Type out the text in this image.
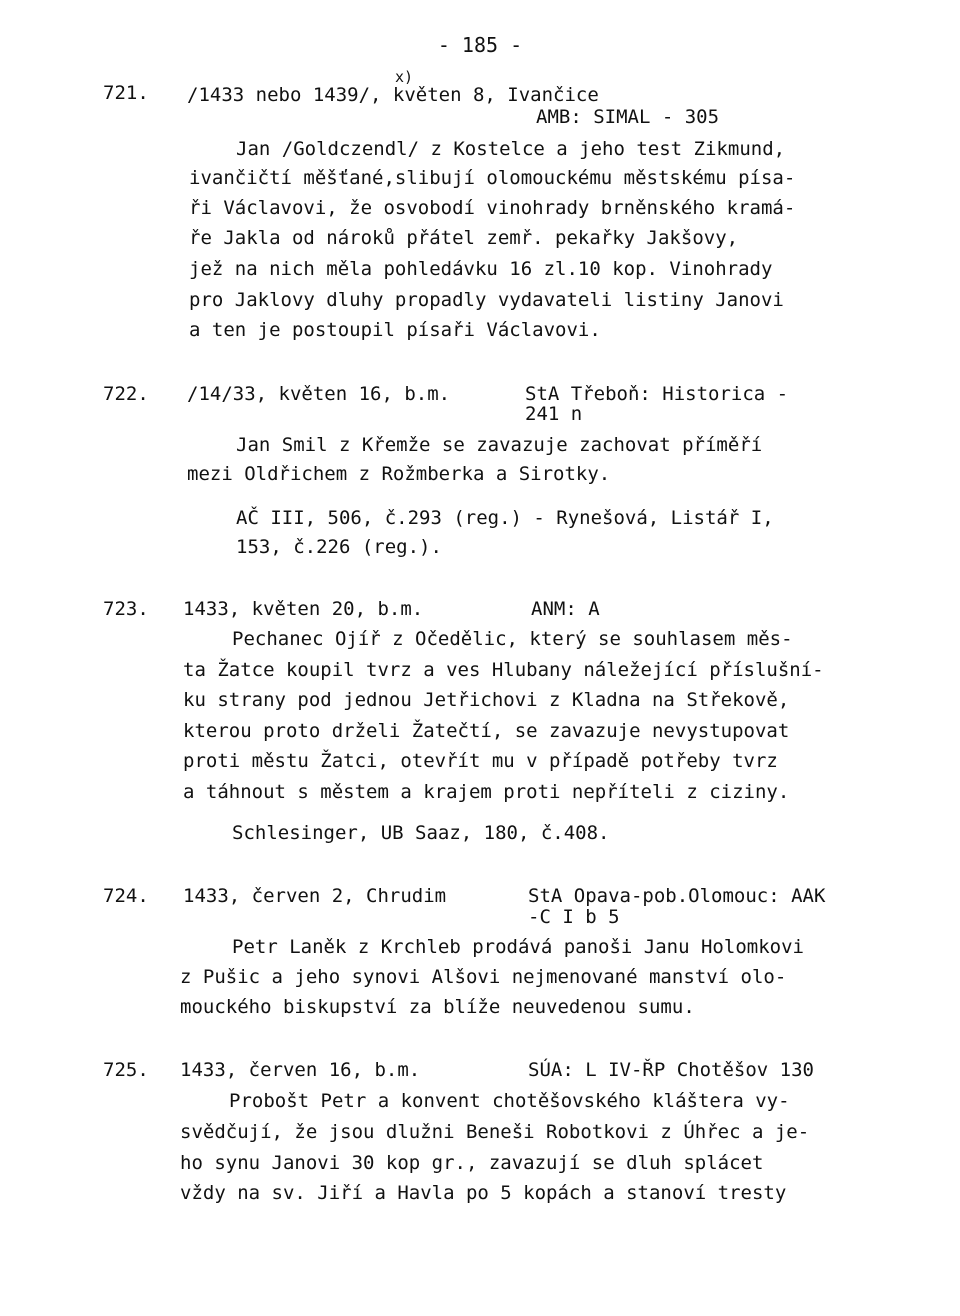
- 185 -
721.
x)
/1433 nebo 1439/, květen 8, Ivančice
AMB: SIMAL - 305
Jan /Goldczendl/ z Kostelce a jeho test Zikmund,
ivančičtí měšťané,slibují olomouckému městskému písa-
ři Václavovi, že osvobodí vinohrady brněnského kramá-
ře Jakla od nároků přátel zemř. pekařky Jakšovy,
jež na nich měla pohledávku 16 zl.10 kop. Vinohrady
pro Jaklovy dluhy propadly vydavateli listiny Janovi
a ten je postoupil písaři Václavovi.
722. /14/33, květen 16, b.m.	StA Třeboň: Historica -
241 n
Jan Smil z Křemže se zavazuje zachovat příměří
mezi Oldřichem z Rožmberka a Sirotky.
AČ III, 506, č.293 (reg.) - Rynešová, Listář I,
153, č.226 (reg.).
723. 1433, květen 20, b.m.	ANM: A
Pechanec Ojíř z Očedělic, který se souhlasem měs-
ta Žatce koupil tvrz a ves Hlubany náležející příslušní-
ku strany pod jednou Jetřichovi z Kladna na Střekově,
kterou proto drželi Žatečtí, se zavazuje nevystupovat
proti městu Žatci, otevřít mu v případě potřeby tvrz
a táhnout s městem a krajem proti nepříteli z ciziny.
Schlesinger, UB Saaz, 180, č.408.
724. 1433, červen 2, Chrudim	StA Opava-pob.Olomouc: AAK
-C I b 5
Petr Laněk z Krchleb prodává panoši Janu Holomkovi
z Pušic a jeho synovi Alšovi nejmenované manství olo-
mouckého biskupství za blíže neuvedenou sumu.
725. 1433, červen 16, b.m.	SÚA: L IV-ŘP Chotěšov 130
Probošt Petr a konvent chotěšovského kláštera vy-
svědčují, že jsou dlužni Beneši Robotkovi z Úhřec a je-
ho synu Janovi 30 kop gr., zavazují se dluh splácet
vždy na sv. Jiří a Havla po 5 kopách a stanoví tresty
